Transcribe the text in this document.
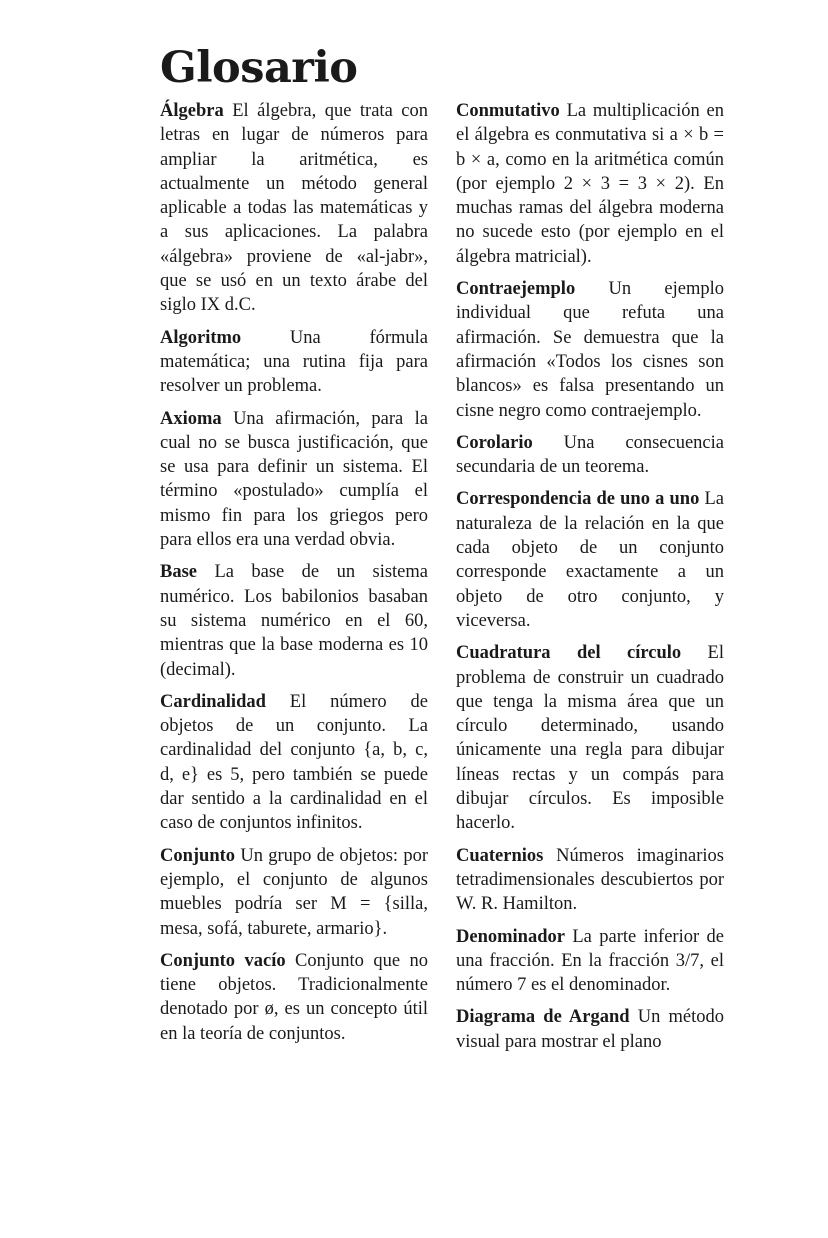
Glosario

Álgebra El álgebra, que trata con letras en lugar de números para ampliar la aritmética, es actualmente un método general aplicable a todas las matemáticas y a sus aplicaciones. La palabra «álgebra» proviene de «al-jabr», que se usó en un texto árabe del siglo IX d.C.

Algoritmo	Una fórmula matemática; una rutina fija para resolver un problema.

Axioma Una afirmación, para la cual no se busca justificación, que se usa para definir un sistema. El término «postulado» cumplía el mismo fin para los griegos pero para ellos era una verdad obvia.

Base La base de un sistema numérico. Los babilonios basaban su sistema numérico en el 60, mientras que la base moderna es 10 (decimal).

Cardinalidad El número de objetos de un conjunto. La cardinalidad del conjunto {a, b, c, d, e} es 5, pero también se puede dar sentido a la cardinalidad en el caso de conjuntos infinitos.

Conjunto Un grupo de objetos: por ejemplo, el conjunto de algunos muebles podría ser M = {silla, mesa, sofá, taburete, armario}.

Conjunto vacío Conjunto que no tiene objetos. Tradicionalmente denotado por ø, es un concepto útil en la teoría de conjuntos.

Conmutativo La multiplicación en el álgebra es conmutativa si a × b = b × a, como en la aritmética común (por ejemplo 2 × 3 = 3 × 2). En muchas ramas del álgebra moderna no sucede esto (por ejemplo en el álgebra matricial).

Contraejemplo Un ejemplo individual que refuta una afirmación. Se demuestra que la afirmación «Todos los cisnes son blancos» es falsa presentando un cisne negro como contraejemplo.

Corolario Una consecuencia secundaria de un teorema.

Correspondencia de uno a uno La naturaleza de la relación en la que cada objeto de un conjunto corresponde exactamente a un objeto de otro conjunto, y viceversa.

Cuadratura del círculo El problema de construir un cuadrado que tenga la misma área que un círculo determinado, usando únicamente una regla para dibujar líneas rectas y un compás para dibujar círculos. Es imposible hacerlo.

Cuaternios Números imaginarios tetradimensionales descubiertos por W. R. Hamilton.

Denominador La parte inferior de una fracción. En la fracción 3/7, el número 7 es el denominador.

Diagrama de Argand Un método visual para mostrar el plano
